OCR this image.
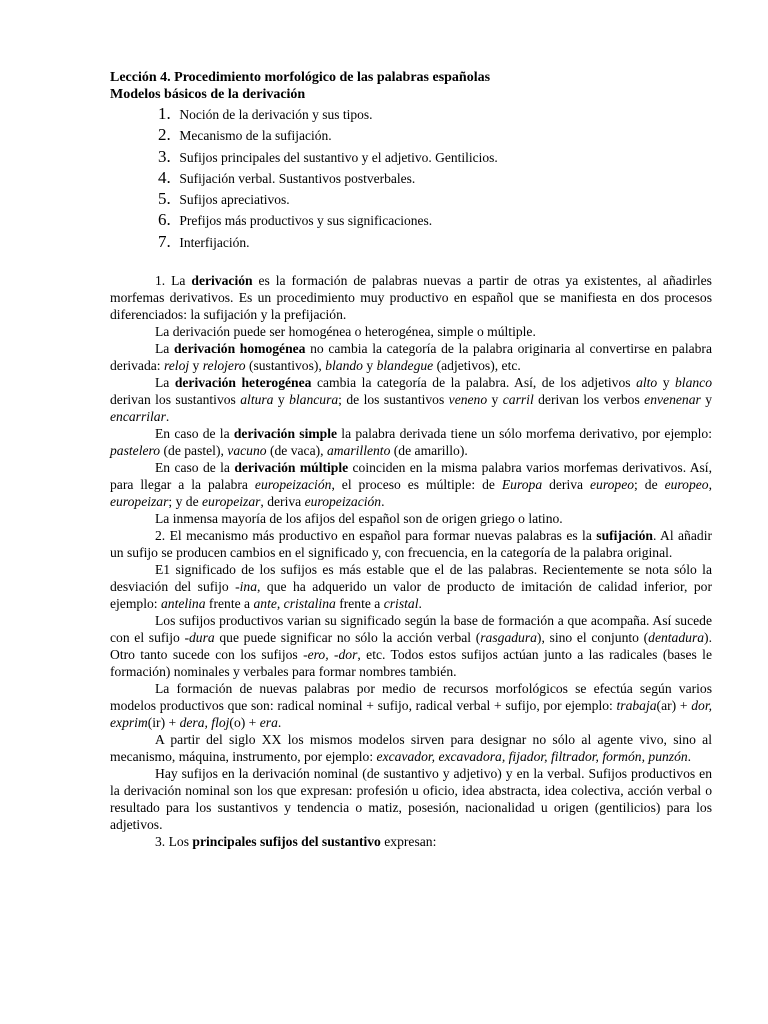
Lección 4. Procedimiento morfológico de las palabras españolas
Modelos básicos de la derivación
1. Noción de la derivación y sus tipos.
2. Mecanismo de la sufijación.
3. Sufijos principales del sustantivo y el adjetivo. Gentilicios.
4. Sufijación verbal. Sustantivos postverbales.
5. Sufijos apreciativos.
6. Prefijos más productivos y sus significaciones.
7. Interfijación.

1. La derivación es la formación de palabras nuevas a partir de otras ya existentes, al añadirles morfemas derivativos. Es un procedimiento muy productivo en español que se manifiesta en dos procesos diferenciados: la sufijación y la prefijación.

La derivación puede ser homogénea o heterogénea, simple o múltiple.

La derivación homogénea no cambia la categoría de la palabra originaria al convertirse en palabra derivada: reloj y relojero (sustantivos), blando y blandegue (adjetivos), etc.

La derivación heterogénea cambia la categoría de la palabra. Así, de los adjetivos alto y blanco derivan los sustantivos altura y blancura; de los sustantivos veneno y carril derivan los verbos envenenar y encarrilar.

En caso de la derivación simple la palabra derivada tiene un sólo morfema derivativo, por ejemplo: pastelero (de pastel), vacuno (de vaca), amarillento (de amarillo).

En caso de la derivación múltiple coinciden en la misma palabra varios morfemas derivativos. Así, para llegar a la palabra europeización, el proceso es múltiple: de Europa deriva europeo; de europeo, europeizar; y de europeizar, deriva europeización.

La inmensa mayoría de los afijos del español son de origen griego o latino.

2. El mecanismo más productivo en español para formar nuevas palabras es la sufijación. Al añadir un sufijo se producen cambios en el significado y, con frecuencia, en la categoría de la palabra original.

E1 significado de los sufijos es más estable que el de las palabras. Recientemente se nota sólo la desviación del sufijo -ina, que ha adquerido un valor de producto de imitación de calidad inferior, por ejemplo: antelina frente a ante, cristalina frente a cristal.

Los sufijos productivos varian su significado según la base de formación a que acompaña. Así sucede con el sufijo -dura que puede significar no sólo la acción verbal (rasgadura), sino el conjunto (dentadura). Otro tanto sucede con los sufijos -ero, -dor, etc. Todos estos sufijos actúan junto a las radicales (bases le formación) nominales y verbales para formar nombres también.

La formación de nuevas palabras por medio de recursos morfológicos se efectúa según varios modelos productivos que son: radical nominal + sufijo, radical verbal + sufijo, por ejemplo: trabaja(ar) + dor, exprim(ir) + dera, floj(o) + era.

A partir del siglo XX los mismos modelos sirven para designar no sólo al agente vivo, sino al mecanismo, máquina, instrumento, por ejemplo: excavador, excavadora, fijador, filtrador, formón, punzón.

Hay sufijos en la derivación nominal (de sustantivo y adjetivo) y en la verbal. Sufijos productivos en la derivación nominal son los que expresan: profesión u oficio, idea abstracta, idea colectiva, acción verbal o resultado para los sustantivos y tendencia o matiz, posesión, nacionalidad u origen (gentilicios) para los adjetivos.

3. Los principales sufijos del sustantivo expresan:
